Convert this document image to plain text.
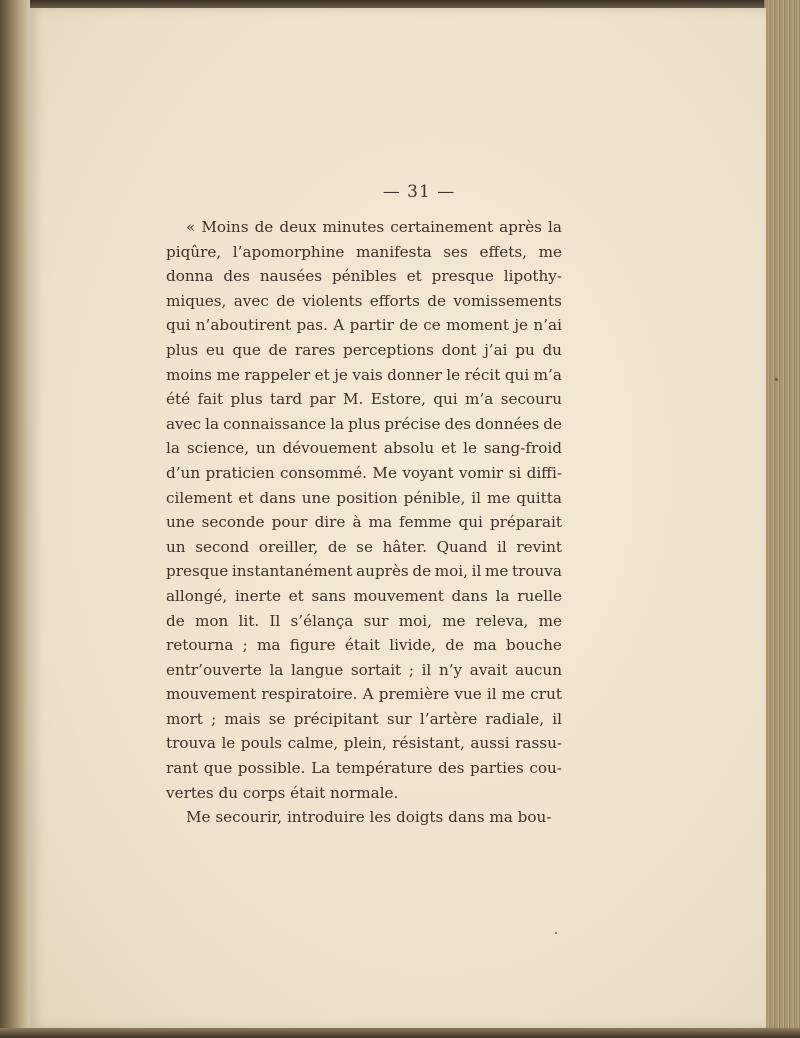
— 31 —
« Moins de deux minutes certainement après la
piqûre, l’apomorphine manifesta ses effets, me
donna des nausées pénibles et presque lipothy-
miques, avec de violents efforts de vomissements
qui n’aboutirent pas. A partir de ce moment je n’ai
plus eu que de rares perceptions dont j’ai pu du
moins me rappeler et je vais donner le récit qui m’a
été fait plus tard par M. Estore, qui m’a secouru
avec la connaissance la plus précise des données de
la science, un dévouement absolu et le sang-froid
d’un praticien consommé. Me voyant vomir si diffi-
cilement et dans une position pénible, il me quitta
une seconde pour dire à ma femme qui préparait
un second oreiller, de se hâter. Quand il revint
presque instantanément auprès de moi, il me trouva
allongé, inerte et sans mouvement dans la ruelle
de mon lit. Il s’élança sur moi, me releva, me
retourna ; ma figure était livide, de ma bouche
entr’ouverte la langue sortait ; il n’y avait aucun
mouvement respiratoire. A première vue il me crut
mort ; mais se précipitant sur l’artère radiale, il
trouva le pouls calme, plein, résistant, aussi rassu-
rant que possible. La température des parties cou-
vertes du corps était normale.
Me secourir, introduire les doigts dans ma bou-
